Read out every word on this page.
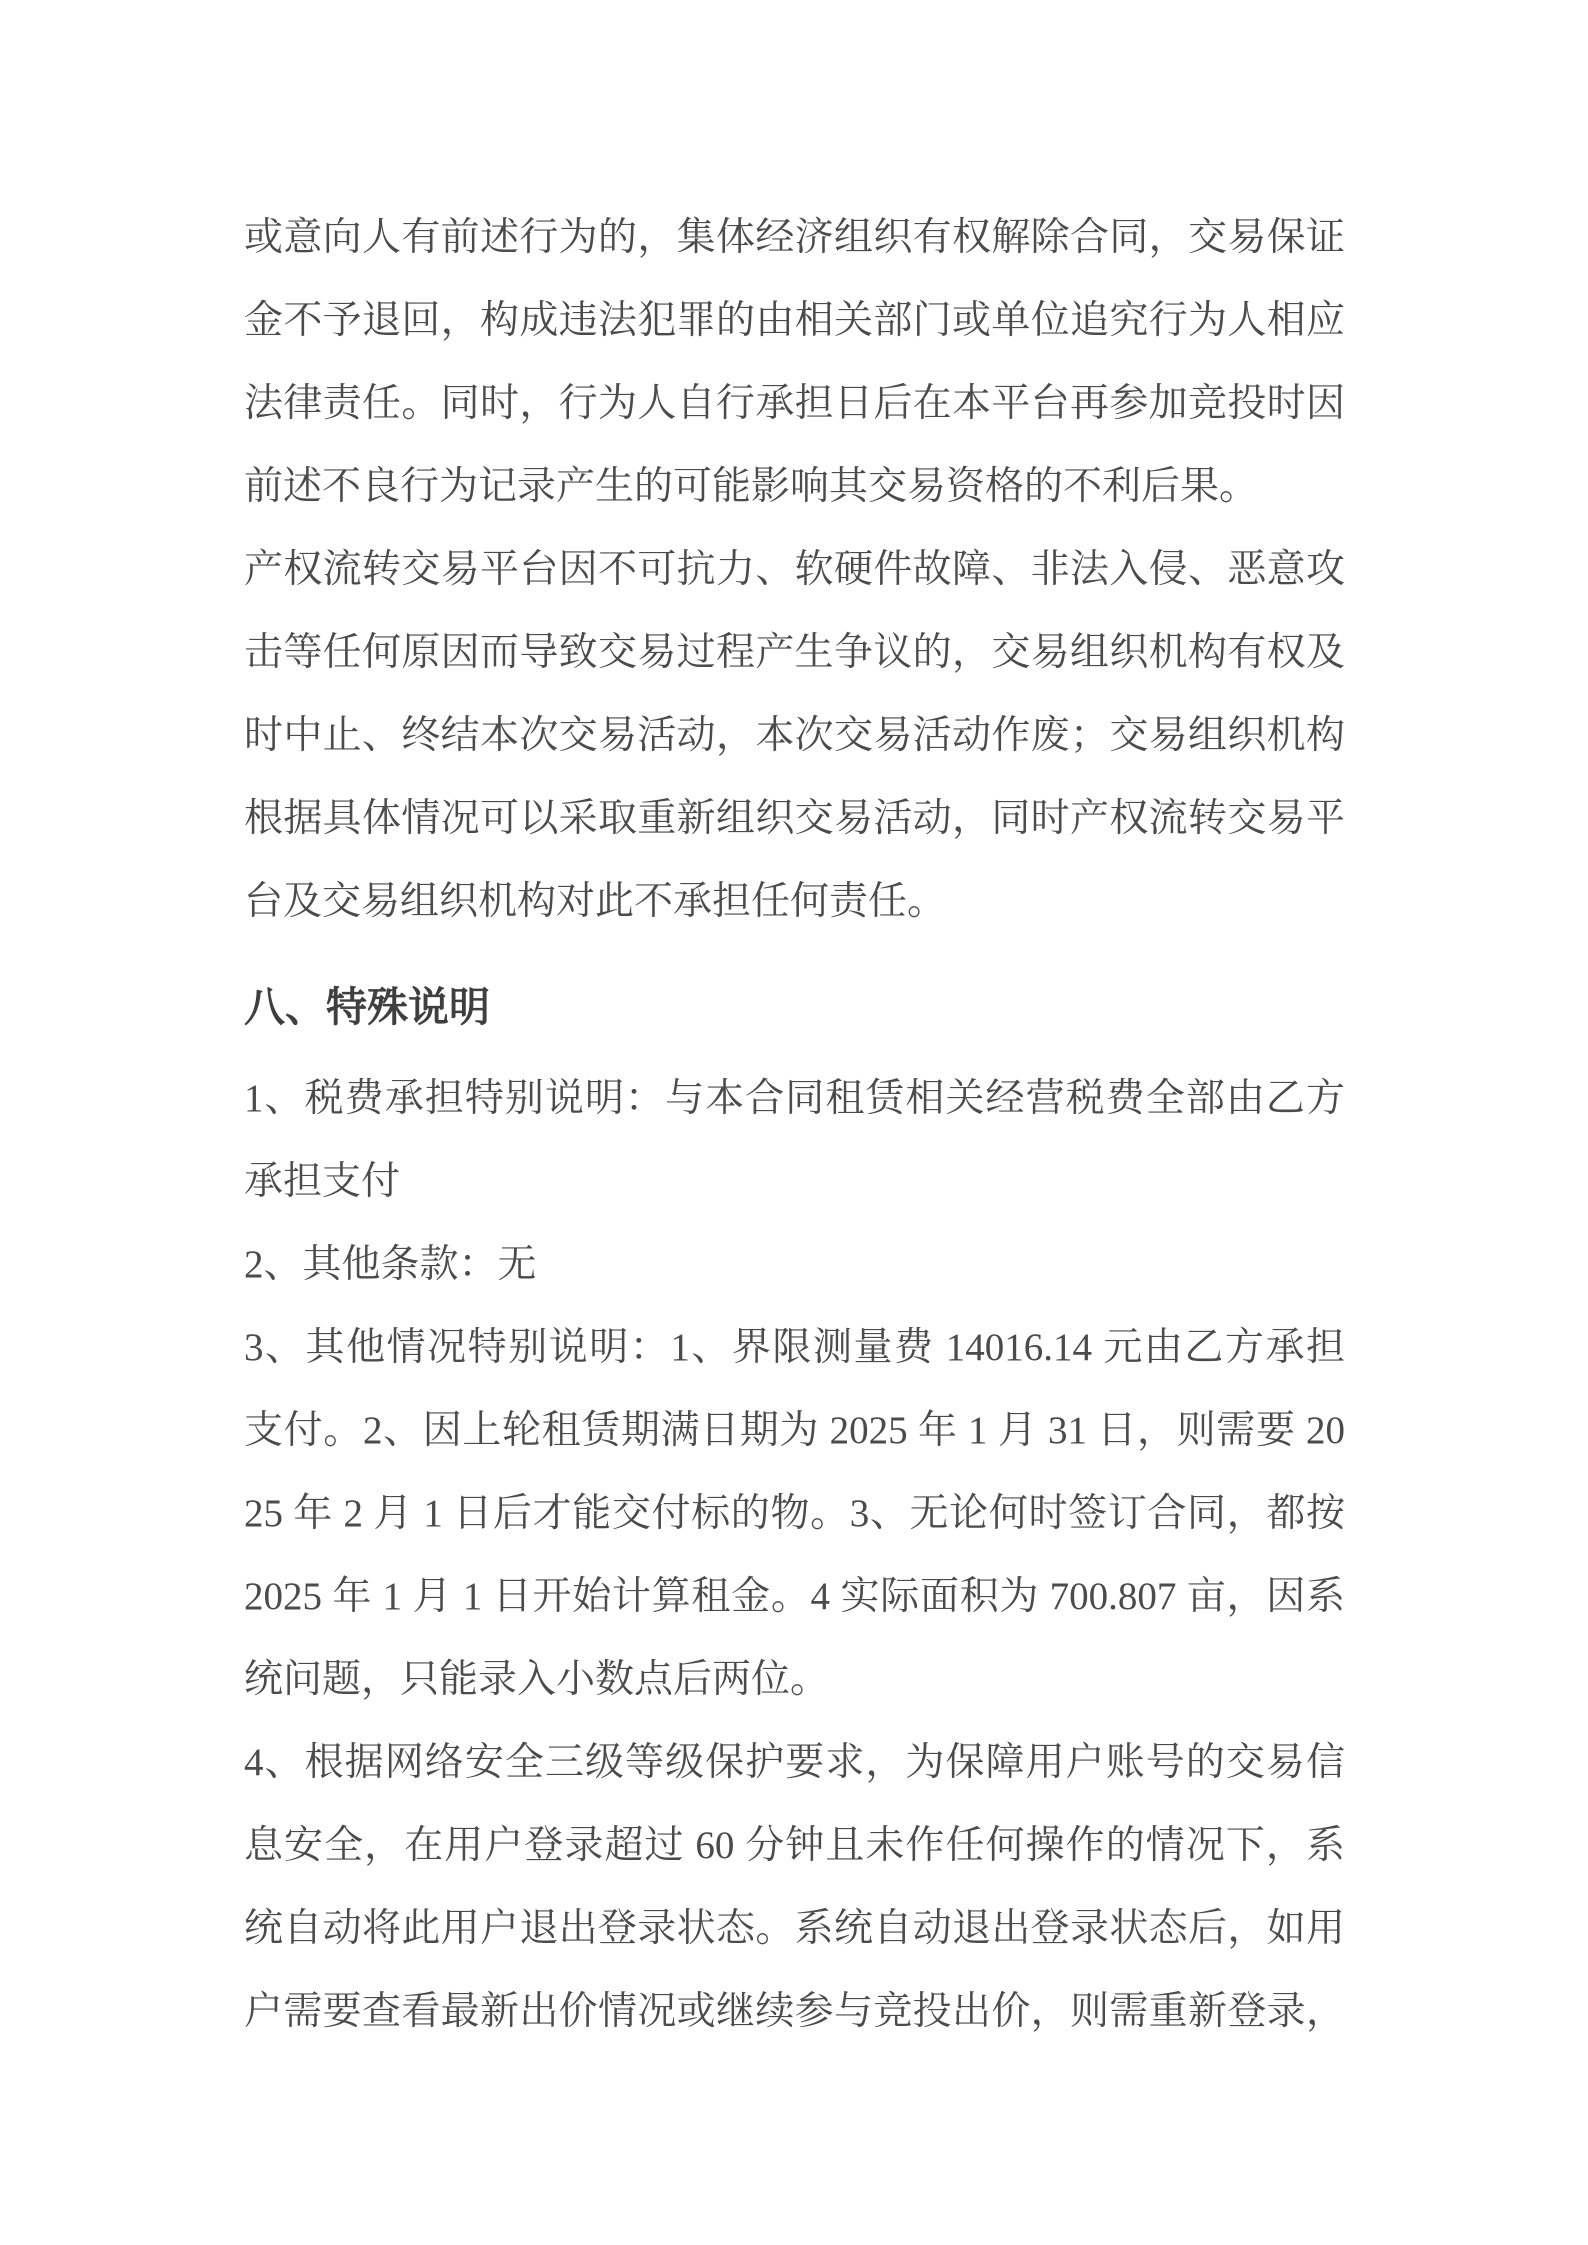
或意向人有前述行为的，集体经济组织有权解除合同，交易保证
金不予退回，构成违法犯罪的由相关部门或单位追究行为人相应
法律责任。同时，行为人自行承担日后在本平台再参加竞投时因
前述不良行为记录产生的可能影响其交易资格的不利后果。
产权流转交易平台因不可抗力、软硬件故障、非法入侵、恶意攻
击等任何原因而导致交易过程产生争议的，交易组织机构有权及
时中止、终结本次交易活动，本次交易活动作废；交易组织机构
根据具体情况可以采取重新组织交易活动，同时产权流转交易平
台及交易组织机构对此不承担任何责任。
八、特殊说明
1、税费承担特别说明：与本合同租赁相关经营税费全部由乙方
承担支付
2、其他条款：无
3、其他情况特别说明：1、界限测量费 14016.14 元由乙方承担
支付。2、因上轮租赁期满日期为 2025 年 1 月 31 日，则需要 20
25 年 2 月 1 日后才能交付标的物。3、无论何时签订合同，都按
2025 年 1 月 1 日开始计算租金。4 实际面积为 700.807 亩，因系
统问题，只能录入小数点后两位。
4、根据网络安全三级等级保护要求，为保障用户账号的交易信
息安全，在用户登录超过 60 分钟且未作任何操作的情况下，系
统自动将此用户退出登录状态。系统自动退出登录状态后，如用
户需要查看最新出价情况或继续参与竞投出价，则需重新登录，
